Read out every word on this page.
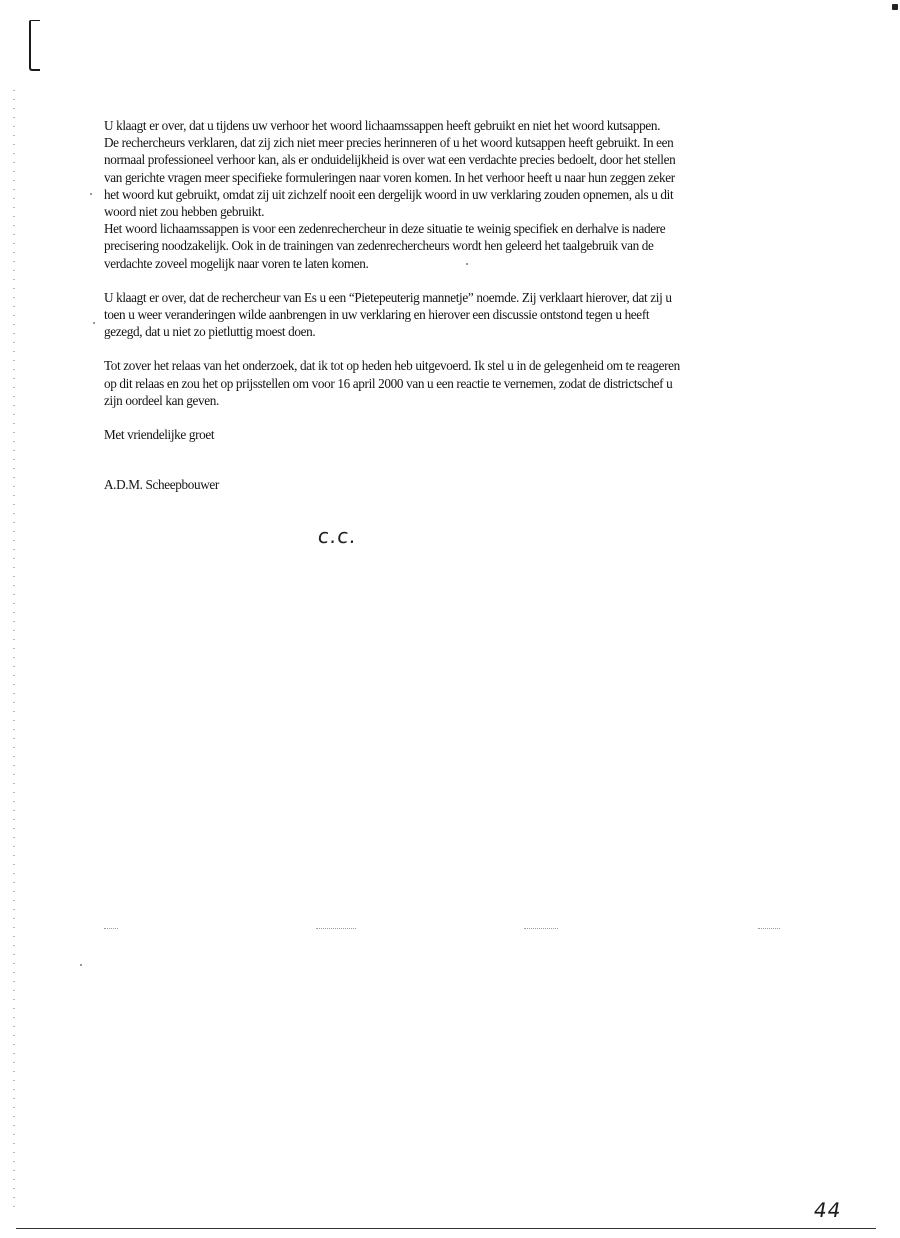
U klaagt er over, dat u tijdens uw verhoor het woord lichaamssappen heeft gebruikt en niet het woord kutsappen.

De rechercheurs verklaren, dat zij zich niet meer precies herinneren of u het woord kutsappen heeft gebruikt. In een

normaal professioneel verhoor kan, als er onduidelijkheid is over wat een verdachte precies bedoelt, door het stellen

van gerichte vragen meer specifieke formuleringen naar voren komen. In het verhoor heeft u naar hun zeggen zeker

het woord kut gebruikt, omdat zij uit zichzelf nooit een dergelijk woord in uw verklaring zouden opnemen, als u dit

woord niet zou hebben gebruikt.

Het woord lichaamssappen is voor een zedenrechercheur in deze situatie te weinig specifiek en derhalve is nadere

precisering noodzakelijk. Ook in de trainingen van zedenrechercheurs wordt hen geleerd het taalgebruik van de

verdachte zoveel mogelijk naar voren te laten komen.

U klaagt er over, dat de rechercheur van Es u een “Pietepeuterig mannetje” noemde. Zij verklaart hierover, dat zij u

toen u weer veranderingen wilde aanbrengen in uw verklaring en hierover een discussie ontstond tegen u heeft

gezegd, dat u niet zo pietluttig moest doen.

Tot zover het relaas van het onderzoek, dat ik tot op heden heb uitgevoerd. Ik stel u in de gelegenheid om te reageren

op dit relaas en zou het op prijsstellen om voor 16 april 2000 van u een reactie te vernemen, zodat de districtschef u

zijn oordeel kan geven.

Met vriendelijke groet
A.D.M. Scheepbouwer
c.c.
44
